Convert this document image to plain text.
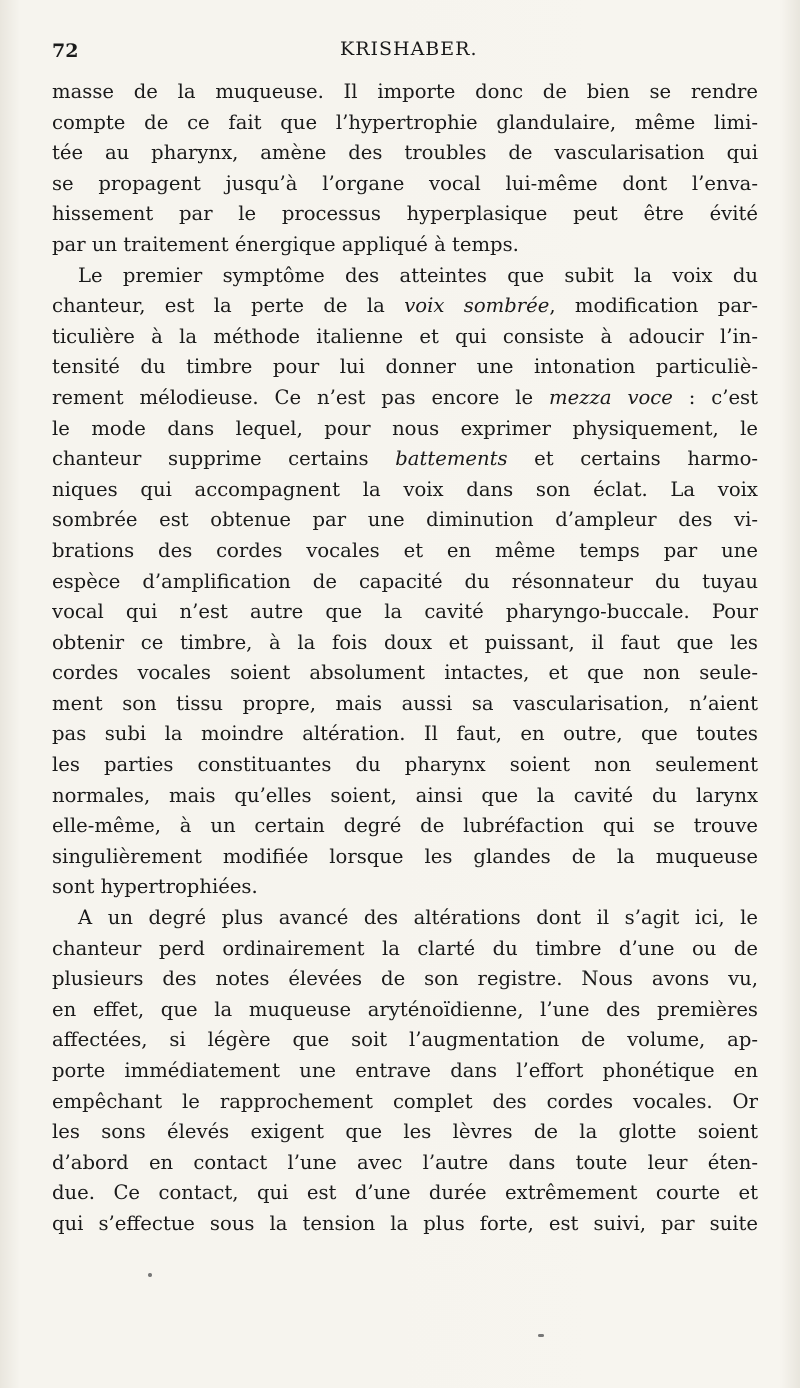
72	KRISHABER.
masse de la muqueuse. Il importe donc de bien se rendre
compte de ce fait que l’hypertrophie glandulaire, même limi-
tée au pharynx, amène des troubles de vascularisation qui
se propagent jusqu’à l’organe vocal lui-même dont l’enva-
hissement par le processus hyperplasique peut être évité
par un traitement énergique appliqué à temps.
Le premier symptôme des atteintes que subit la voix du
chanteur, est la perte de la voix sombrée, modification par-
ticulière à la méthode italienne et qui consiste à adoucir l’in-
tensité du timbre pour lui donner une intonation particuliè-
rement mélodieuse. Ce n’est pas encore le mezza voce : c’est
le mode dans lequel, pour nous exprimer physiquement, le
chanteur supprime certains battements et certains harmo-
niques qui accompagnent la voix dans son éclat. La voix
sombrée est obtenue par une diminution d’ampleur des vi-
brations des cordes vocales et en même temps par une
espèce d’amplification de capacité du résonnateur du tuyau
vocal qui n’est autre que la cavité pharyngo-buccale. Pour
obtenir ce timbre, à la fois doux et puissant, il faut que les
cordes vocales soient absolument intactes, et que non seule-
ment son tissu propre, mais aussi sa vascularisation, n’aient
pas subi la moindre altération. Il faut, en outre, que toutes
les parties constituantes du pharynx soient non seulement
normales, mais qu’elles soient, ainsi que la cavité du larynx
elle-même, à un certain degré de lubréfaction qui se trouve
singulièrement modifiée lorsque les glandes de la muqueuse
sont hypertrophiées.
A un degré plus avancé des altérations dont il s’agit ici, le
chanteur perd ordinairement la clarté du timbre d’une ou de
plusieurs des notes élevées de son registre. Nous avons vu,
en effet, que la muqueuse aryténoïdienne, l’une des premières
affectées, si légère que soit l’augmentation de volume, ap-
porte immédiatement une entrave dans l’effort phonétique en
empêchant le rapprochement complet des cordes vocales. Or
les sons élevés exigent que les lèvres de la glotte soient
d’abord en contact l’une avec l’autre dans toute leur éten-
due. Ce contact, qui est d’une durée extrêmement courte et
qui s’effectue sous la tension la plus forte, est suivi, par suite
